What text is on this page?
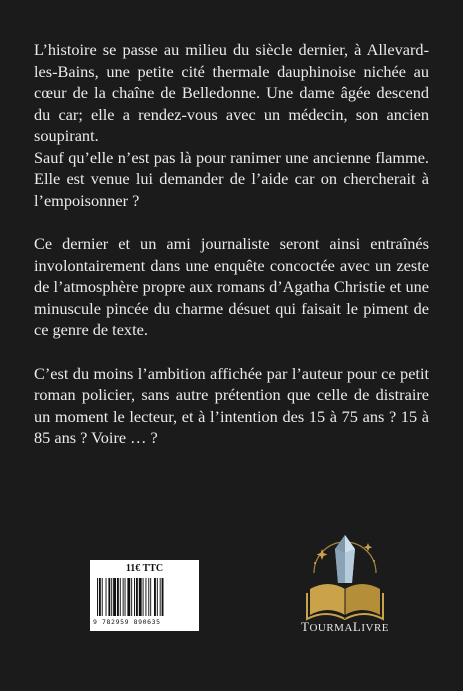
L’histoire se passe au milieu du siècle dernier, à Allevard-les-Bains, une petite cité thermale dauphinoise nichée au cœur de la chaîne de Belledonne. Une dame âgée descend du car; elle a rendez-vous avec un médecin, son ancien soupirant.

Sauf qu’elle n’est pas là pour ranimer une ancienne flamme. Elle est venue lui demander de l’aide car on chercherait à l’empoisonner ?

Ce dernier et un ami journaliste seront ainsi entraînés involontairement dans une enquête concoctée avec un zeste de l’atmosphère propre aux romans d’Agatha Christie et une minuscule pincée du charme désuet qui faisait le piment de ce genre de texte.

C’est du moins l’ambition affichée par l’auteur pour ce petit roman policier, sans autre prétention que celle de distraire un moment le lecteur, et à l’intention des 15 à 75 ans ? 15 à 85 ans ? Voire … ?

11€ TTC
9 782959 890635	TOURMALIVRE
